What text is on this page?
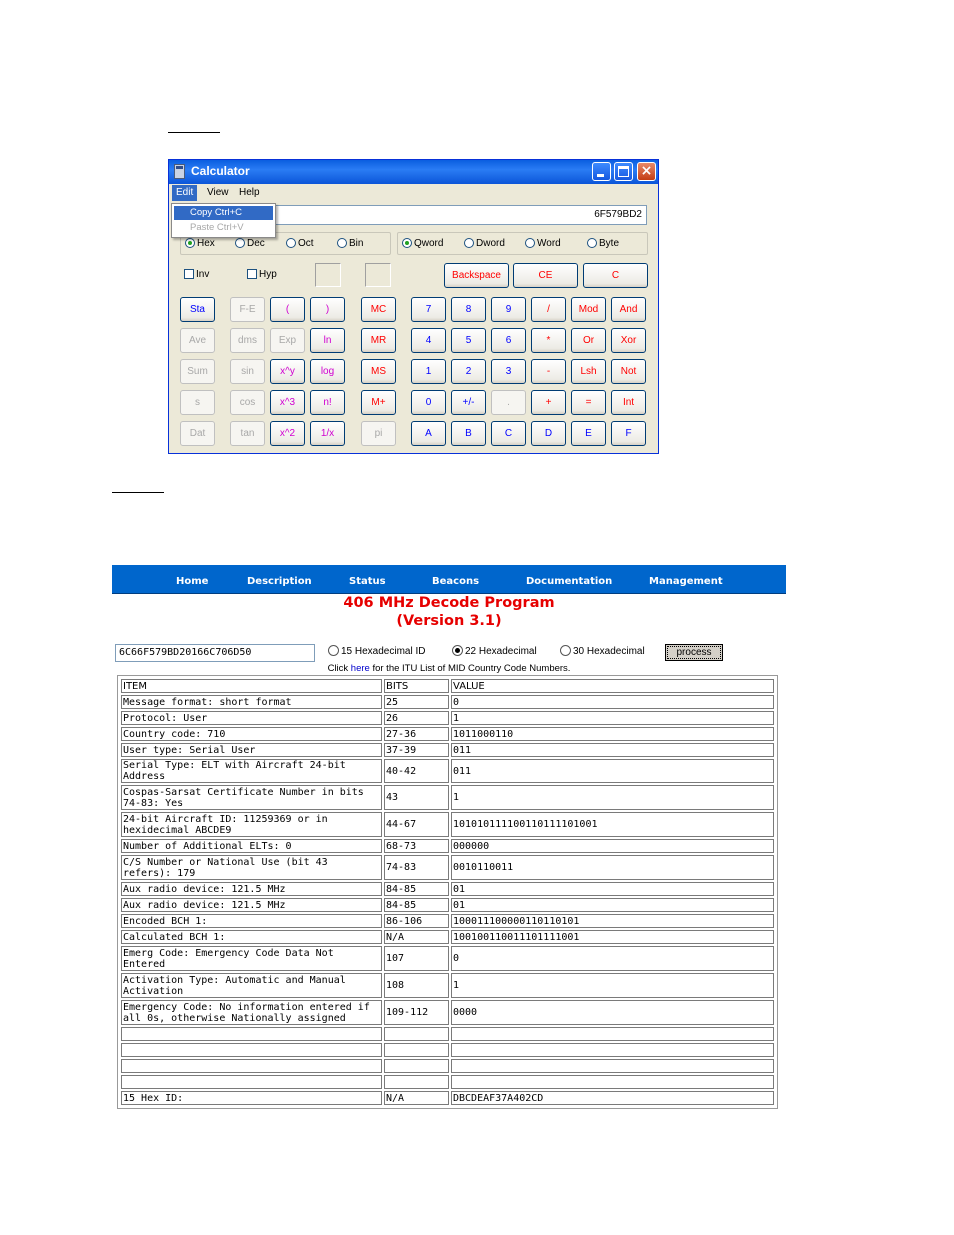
Calculator	×
Edit	View	Help
6F579BD2
Copy Ctrl+C
Paste Ctrl+V
Hex	Dec	Oct	Bin	Qword	Dword	Word	Byte
Inv	Hyp	Backspace	CE	C
Sta	F-E	(	)	MC	7	8	9	/	Mod	And
Ave	dms	Exp	ln	MR	4	5	6	*	Or	Xor
Sum	sin	x^y	log	MS	1	2	3	-	Lsh	Not
s	cos	x^3	n!	M+	0	+/-	.	+	=	Int
Dat	tan	x^2	1/x	pi	A	B	C	D	E	F
Home	Description	Status	Beacons	Documentation	Management
406 MHz Decode Program
(Version 3.1)
6C66F579BD20166C706D50	15 Hexadecimal ID	22 Hexadecimal	30 Hexadecimal	process
Click here for the ITU List of MID Country Code Numbers.
ITEM	BITS	VALUE
Message format: short format	25	0
Protocol: User	26	1
Country code: 710	27-36	1011000110
User type: Serial User	37-39	011
Serial Type: ELT with Aircraft 24-bit Address	40-42	011
Cospas-Sarsat Certificate Number in bits 74-83: Yes	43	1
24-bit Aircraft ID: 11259369 or in hexidecimal ABCDE9	44-67	101010111100110111101001
Number of Additional ELTs: 0	68-73	000000
C/S Number or National Use (bit 43 refers): 179	74-83	0010110011
Aux radio device: 121.5 MHz	84-85	01
Aux radio device: 121.5 MHz	84-85	01
Encoded BCH 1:	86-106	100011100000110110101
Calculated BCH 1:	N/A	100100110011101111001
Emerg Code: Emergency Code Data Not Entered	107	0
Activation Type: Automatic and Manual Activation	108	1
Emergency Code: No information entered if all 0s, otherwise Nationally assigned	109-112	0000

15 Hex ID:	N/A	DBCDEAF37A402CD
